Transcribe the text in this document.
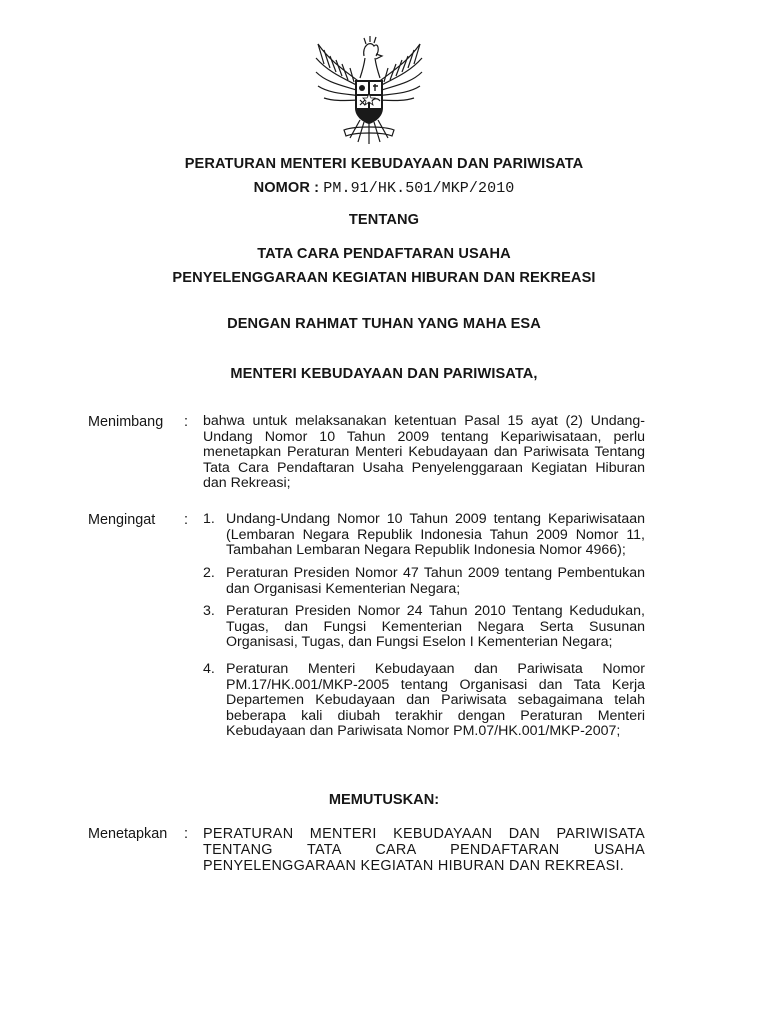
PERATURAN MENTERI KEBUDAYAAN DAN PARIWISATA
NOMOR : PM.91/HK.501/MKP/2010
TENTANG
TATA CARA PENDAFTARAN USAHA
PENYELENGGARAAN KEGIATAN HIBURAN DAN REKREASI
DENGAN RAHMAT TUHAN YANG MAHA ESA
MENTERI KEBUDAYAAN DAN PARIWISATA,
Menimbang : bahwa untuk melaksanakan ketentuan Pasal 15 ayat (2) Undang-Undang Nomor 10 Tahun 2009 tentang Kepariwisataan, perlu menetapkan Peraturan Menteri Kebudayaan dan Pariwisata Tentang Tata Cara Pendaftaran Usaha Penyelenggaraan Kegiatan Hiburan dan Rekreasi;
Mengingat : 1. Undang-Undang Nomor 10 Tahun 2009 tentang Kepariwisataan (Lembaran Negara Republik Indonesia Tahun 2009 Nomor 11, Tambahan Lembaran Negara Republik Indonesia Nomor 4966);
2. Peraturan Presiden Nomor 47 Tahun 2009 tentang Pembentukan dan Organisasi Kementerian Negara;
3. Peraturan Presiden Nomor 24 Tahun 2010 Tentang Kedudukan, Tugas, dan Fungsi Kementerian Negara Serta Susunan Organisasi, Tugas, dan Fungsi Eselon I Kementerian Negara;
4. Peraturan Menteri Kebudayaan dan Pariwisata Nomor PM.17/HK.001/MKP-2005 tentang Organisasi dan Tata Kerja Departemen Kebudayaan dan Pariwisata sebagaimana telah beberapa kali diubah terakhir dengan Peraturan Menteri Kebudayaan dan Pariwisata Nomor PM.07/HK.001/MKP-2007;
MEMUTUSKAN:
Menetapkan : PERATURAN MENTERI KEBUDAYAAN DAN PARIWISATA TENTANG TATA CARA PENDAFTARAN USAHA PENYELENGGARAAN KEGIATAN HIBURAN DAN REKREASI.
